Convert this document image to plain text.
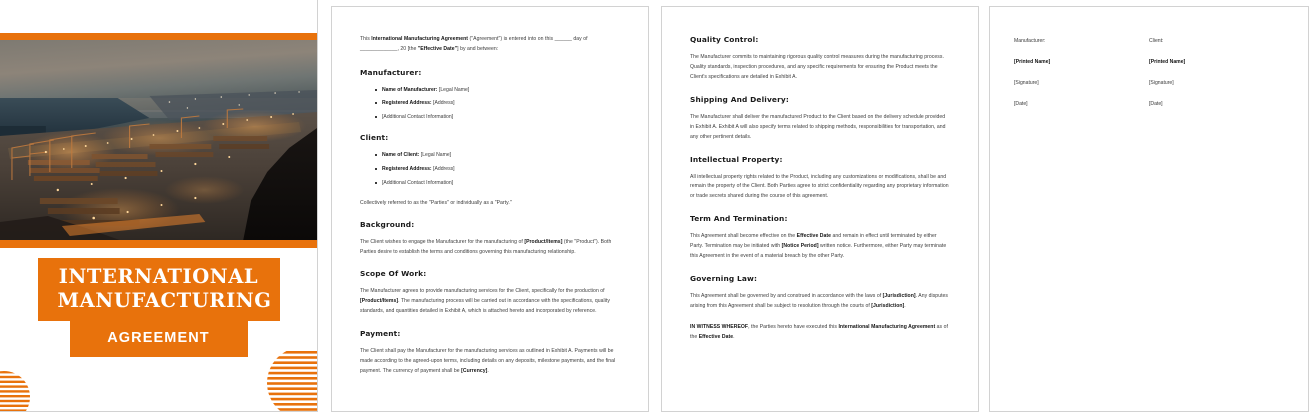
INTERNATIONAL
MANUFACTURING
AGREEMENT

This International Manufacturing Agreement ("Agreement") is entered into on this ______ day of _____________, 20 [the "Effective Date"] by and between:

Manufacturer:
Name of Manufacturer: [Legal Name]
Registered Address: [Address]
[Additional Contact Information]
Client:
Name of Client: [Legal Name]
Registered Address: [Address]
[Additional Contact Information]

Collectively referred to as the "Parties" or individually as a "Party."

Background:

The Client wishes to engage the Manufacturer for the manufacturing of [Product/Items] (the "Product"). Both Parties desire to establish the terms and conditions governing this manufacturing relationship.

Scope Of Work:

The Manufacturer agrees to provide manufacturing services for the Client, specifically for the production of [Product/Items]. The manufacturing process will be carried out in accordance with the specifications, quality standards, and quantities detailed in Exhibit A, which is attached hereto and incorporated by reference.

Payment:

The Client shall pay the Manufacturer for the manufacturing services as outlined in Exhibit A. Payments will be made according to the agreed-upon terms, including details on any deposits, milestone payments, and the final payment. The currency of payment shall be [Currency].

Quality Control:

The Manufacturer commits to maintaining rigorous quality control measures during the manufacturing process. Quality standards, inspection procedures, and any specific requirements for ensuring the Product meets the Client's specifications are detailed in Exhibit A.

Shipping And Delivery:

The Manufacturer shall deliver the manufactured Product to the Client based on the delivery schedule provided in Exhibit A. Exhibit A will also specify terms related to shipping methods, responsibilities for transportation, and any other pertinent details.

Intellectual Property:

All intellectual property rights related to the Product, including any customizations or modifications, shall be and remain the property of the Client. Both Parties agree to strict confidentiality regarding any proprietary information or trade secrets shared during the course of this agreement.

Term And Termination:

This Agreement shall become effective on the Effective Date and remain in effect until terminated by either Party. Termination may be initiated with [Notice Period] written notice. Furthermore, either Party may terminate this Agreement in the event of a material breach by the other Party.

Governing Law:

This Agreement shall be governed by and construed in accordance with the laws of [Jurisdiction]. Any disputes arising from this Agreement shall be subject to resolution through the courts of [Jurisdiction].

IN WITNESS WHEREOF, the Parties hereto have executed this International Manufacturing Agreement as of the Effective Date.

Manufacturer:
[Printed Name]
[Signature]
[Date]
Client:
[Printed Name]
[Signature]
[Date]
